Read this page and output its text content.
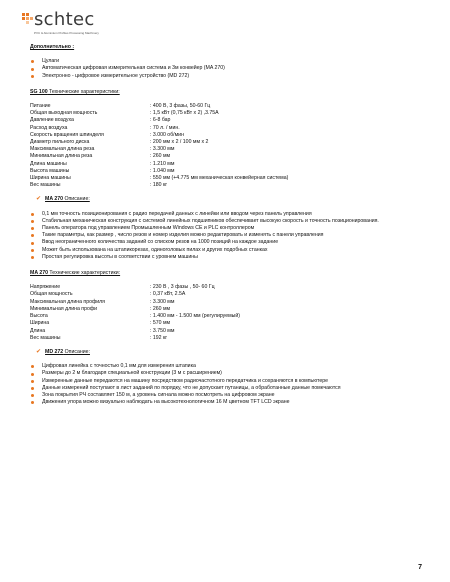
schtec
PVC & Aluminium Profiles Processing Machinery
Дополнительно :
Цулаги
Автоматическая цифровая измерительная система и 3м конвейер (MA 270)
Электронно - цифровое измерительное устройство (MD 272)
SG 100 Технические характеристики:
Питание	: 400 В, 3 фазы, 50-60 Гц
Общая выходная мощность	: 1,5 кВт (0,75 кВт х 2) ,3.75А
Давление воздуха	: 6-8 бар
Расход воздуха	: 70 л. / мин.
Скорость вращения шпинделя	: 3.000 об/мин
Диаметр пильного диска	: 200 мм х 2 / 100 мм х 2
Максимальная длина реза	: 3.300 мм
Минимальная длина реза	: 260 мм
Длина машины	: 1.210 мм
Высота машины	: 1.040 мм
Ширина машины	: 550 мм (+4.775 мм механическая конвейерная система)
Вес машины	: 180 кг
✔ MA 270 Описание:
0,1 мм точность позиционирования с радио передачей данных с линейки или вводом через панель управления
Стабильная механическая конструкция с системой линейных подшипников обеспечивает высокую скорость и точность позиционирования.
Панель оператора под управлением Промышленным Windows CE и PLC контроллером
Такие параметры, как размер , число резов и номер изделия можно редактировать и изменять с панели управления
Ввод неограниченного количества заданий со списком резов на 1000 позиций на каждое задание
Может быть использована на штапикорезах, одиноголовых пилах и других подобных станках
Простая регулировка высоты в соответствии с уровнем машины
MA 270 Технические характеристики:
Напряжение	: 230 В , 3 фазы , 50- 60 Гц
Общая мощность	: 0,37 кВт, 2.5А
Максимальная длина профиля	: 3.300 мм
Минимальная длина профи	: 260 мм
Высота	: 1.400 мм - 1.500 мм (регулируемый)
Ширина	: 570 мм
Длина	: 3.750 мм
Вес машины	: 192 кг
✔ MD 272 Описание:
Цифровая линейка с точностью 0,1 мм для измерения штапика
Размеры до 2 м благодаря специальной конструкции (3 м с расширением)
Измеренные данные передаются на машину посредством радиочастотного передатчика и сохраняются в компьютере
Данные измерений поступают в лист заданий по порядку, что не допускает путаницы, а обработанные данные помечаются
Зона покрытия РЧ составляет 150 м, а уровень сигнала можно посмотреть на цифровом экране
Движения упора можно визуально наблюдать на высокотехнологичном 16 М цветном TFT LCD экране
7
